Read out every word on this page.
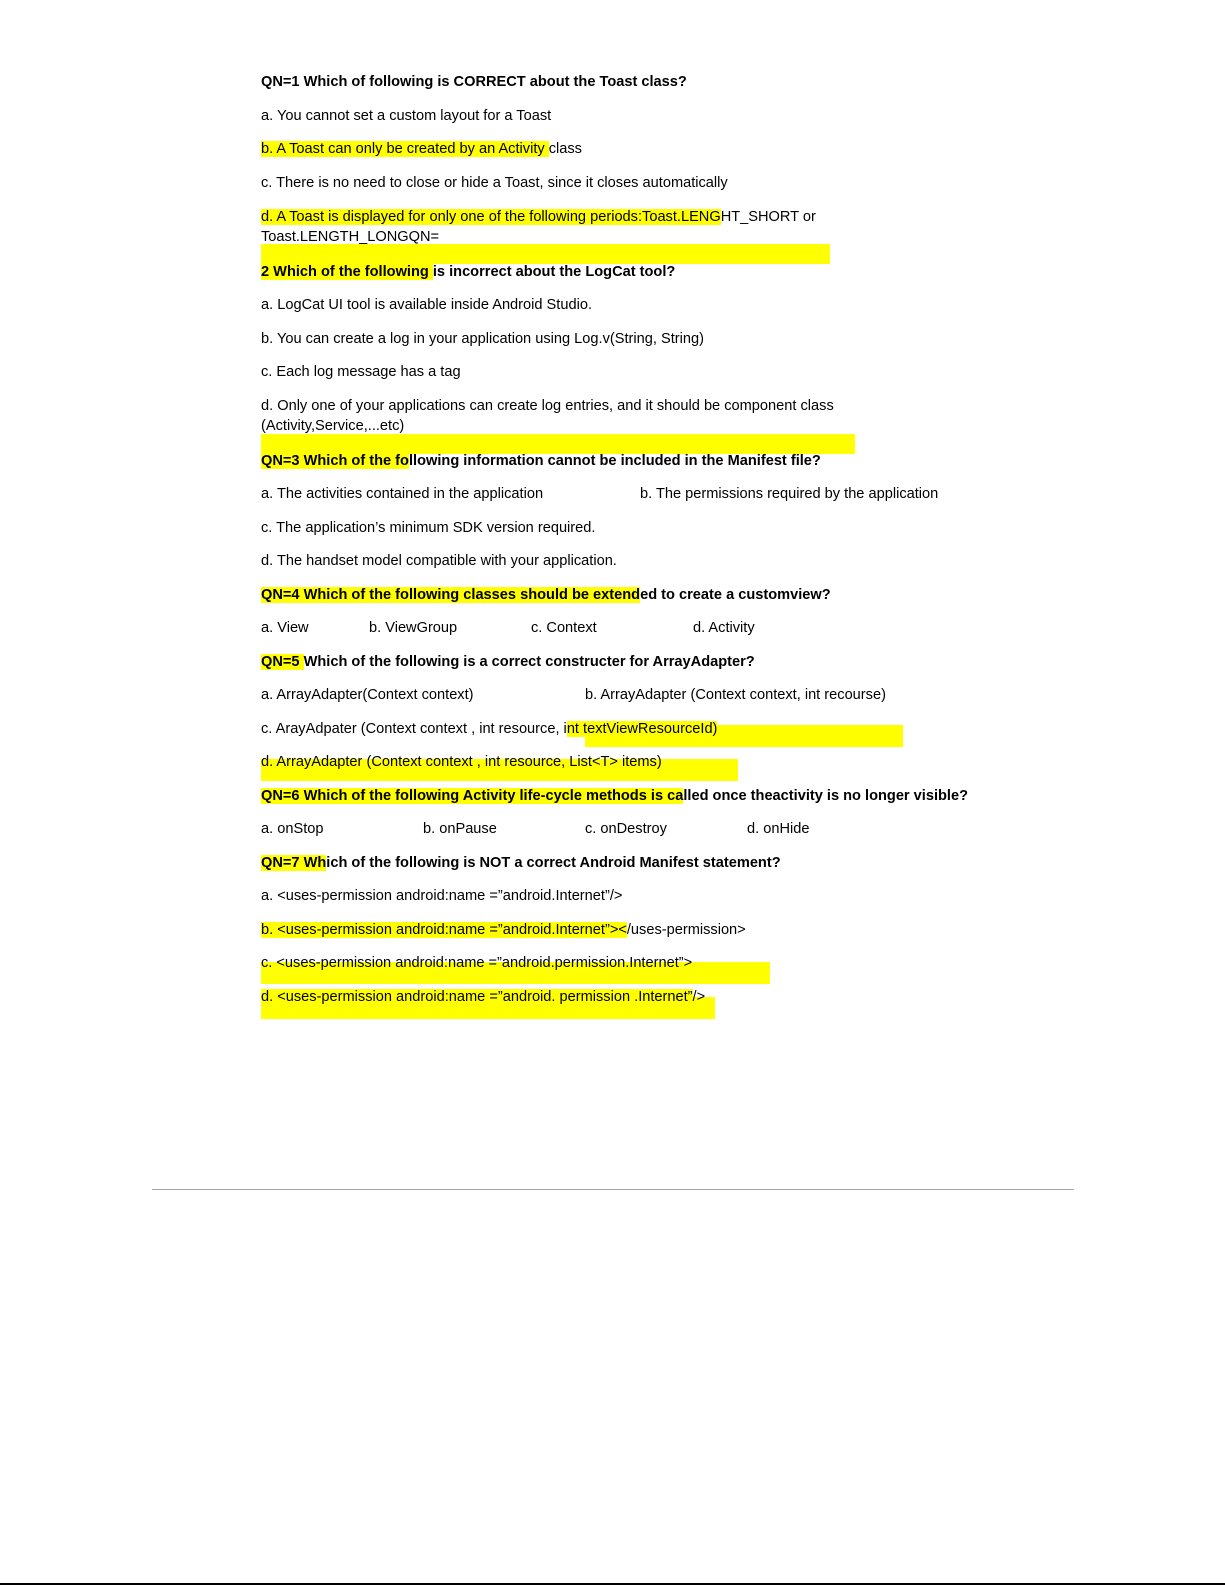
QN=1 Which of following is CORRECT about the Toast class?
a. You cannot set a custom layout for a Toast
b. A Toast can only be created by an Activity class
c. There is no need to close or hide a Toast, since it closes automatically
d. A Toast is displayed for only one of the following periods:Toast.LENGHT_SHORT or
Toast.LENGTH_LONGQN=
2 Which of the following is incorrect about the LogCat tool?
a. LogCat UI tool is available inside Android Studio.
b. You can create a log in your application using Log.v(String, String)
c. Each log message has a tag
d. Only one of your applications can create log entries, and it should be component class
(Activity,Service,...etc)
QN=3 Which of the following information cannot be included in the Manifest file?
a. The activities contained in the application	b. The permissions required by the application
c. The application’s minimum SDK version required.
d. The handset model compatible with your application.
QN=4 Which of the following classes should be extended to create a customview?
a. View	b. ViewGroup	c. Context	d. Activity
QN=5 Which of the following is a correct constructer for ArrayAdapter?
a. ArrayAdapter(Context context)	b. ArrayAdapter (Context context, int recourse)
c. ArayAdpater (Context context , int resource, int textViewResourceId)
d. ArrayAdapter (Context context , int resource, List<T> items)
QN=6 Which of the following Activity life-cycle methods is called once theactivity is no longer visible?
a. onStop	b. onPause	c. onDestroy	d. onHide
QN=7 Which of the following is NOT a correct Android Manifest statement?
a. <uses-permission android:name =”android.Internet”/>
b. <uses-permission android:name =”android.Internet”></uses-permission>
c. <uses-permission android:name =”android.permission.Internet”>
d. <uses-permission android:name =”android. permission .Internet”/>
